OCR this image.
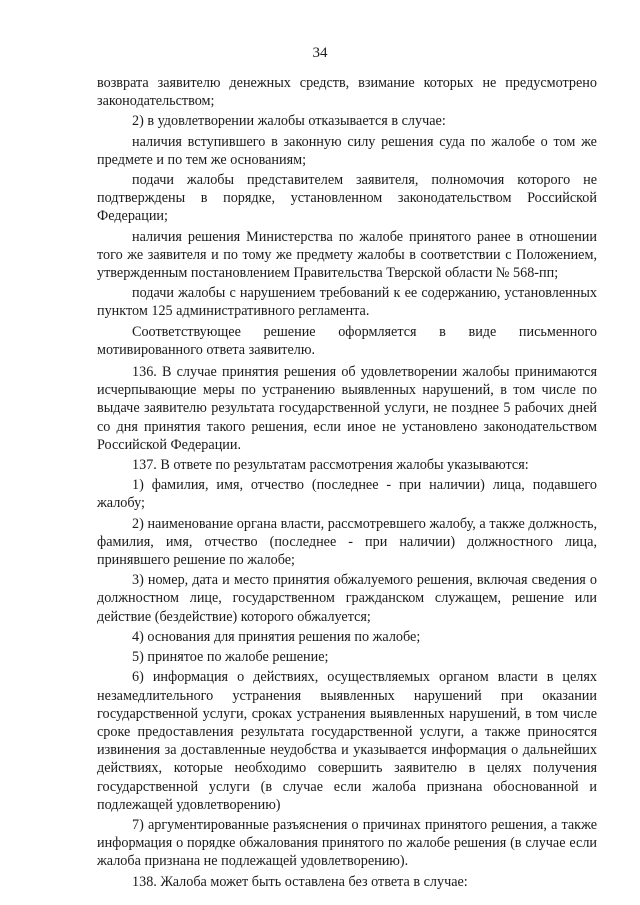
34

возврата заявителю денежных средств, взимание которых не предусмотрено законодательством;

2) в удовлетворении жалобы отказывается в случае:

наличия вступившего в законную силу решения суда по жалобе о том же предмете и по тем же основаниям;

подачи жалобы представителем заявителя, полномочия которого не подтверждены в порядке, установленном законодательством Российской Федерации;

наличия решения Министерства по жалобе принятого ранее в отношении того же заявителя и по тому же предмету жалобы в соответствии с Положением, утвержденным постановлением Правительства Тверской области № 568-пп;

подачи жалобы с нарушением требований к ее содержанию, установленных пунктом 125 административного регламента.

Соответствующее решение оформляется в виде письменного мотивированного ответа заявителю.

136. В случае принятия решения об удовлетворении жалобы принимаются исчерпывающие меры по устранению выявленных нарушений, в том числе по выдаче заявителю результата государственной услуги, не позднее 5 рабочих дней со дня принятия такого решения, если иное не установлено законодательством Российской Федерации.

137. В ответе по результатам рассмотрения жалобы указываются:

1) фамилия, имя, отчество (последнее - при наличии) лица, подавшего жалобу;

2) наименование органа власти, рассмотревшего жалобу, а также должность, фамилия, имя, отчество (последнее - при наличии) должностного лица, принявшего решение по жалобе;

3) номер, дата и место принятия обжалуемого решения, включая сведения о должностном лице, государственном гражданском служащем, решение или действие (бездействие) которого обжалуется;

4) основания для принятия решения по жалобе;

5) принятое по жалобе решение;

6) информация о действиях, осуществляемых органом власти в целях незамедлительного устранения выявленных нарушений при оказании государственной услуги, сроках устранения выявленных нарушений, в том числе сроке предоставления результата государственной услуги, а также приносятся извинения за доставленные неудобства и указывается информация о дальнейших действиях, которые необходимо совершить заявителю в целях получения государственной услуги (в случае если жалоба признана обоснованной и подлежащей удовлетворению)

7) аргументированные разъяснения о причинах принятого решения, а также информация о порядке обжалования принятого по жалобе решения (в случае если жалоба признана не подлежащей удовлетворению).

138. Жалоба может быть оставлена без ответа в случае:
